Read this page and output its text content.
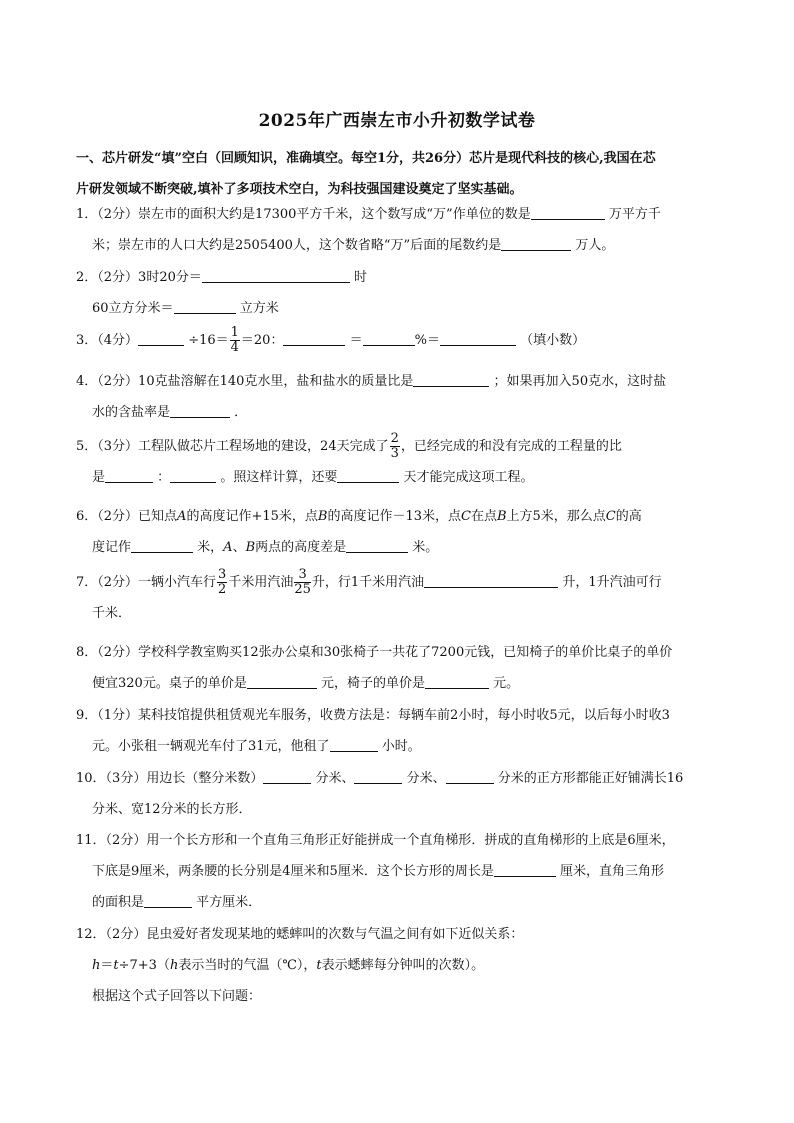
2025年广西崇左市小升初数学试卷
一、芯片研发“填”空白（回顾知识，准确填空。每空1分，共26分）芯片是现代科技的核心,我国在芯
片研发领域不断突破,填补了多项技术空白，为科技强国建设奠定了坚实基础。
1．（2分）崇左市的面积大约是17300平方千米，这个数写成“万”作单位的数是	万平方千
米；崇左市的人口大约是2505400人，这个数省略“万”后面的尾数约是	万人。
2．（2分）3时20分＝	时
60立方分米＝	立方米
3．（4分）	$\div 16= \frac{1}{4} =20$：	＝	%＝	（填小数）
4．（2分）10克盐溶解在140克水里，盐和盐水的质量比是	；如果再加入50克水，这时盐
水的含盐率是	．
5．（3分）工程队做芯片工程场地的建设，24天完成了 $\frac{2}{3}$ ，已经完成的和没有完成的工程量的比
是	：	。照这样计算，还要	天才能完成这项工程。
6．（2分）已知点A的高度记作+15米，点B的高度记作－13米，点C在点B上方5米，那么点C的高
度记作	米，A、B两点的高度差是	米。
7．（2分）一辆小汽车行 $\frac{3}{2}$ 千米用汽油 $\frac{3}{25}$ 升，行1千米用汽油	升，1升汽油可行
千米．
8．（2分）学校科学教室购买12张办公桌和30张椅子一共花了7200元钱，已知椅子的单价比桌子的单价
便宜320元。桌子的单价是	元，椅子的单价是	元。
9．（1分）某科技馆提供租赁观光车服务，收费方法是：每辆车前2小时，每小时收5元，以后每小时收3
元。小张租一辆观光车付了31元，他租了	小时。
10．（3分）用边长（整分米数）	分米、	分米、	分米的正方形都能正好铺满长16
分米、宽12分米的长方形．
11．（2分）用一个长方形和一个直角三角形正好能拼成一个直角梯形．拼成的直角梯形的上底是6厘米，
下底是9厘米，两条腰的长分别是4厘米和5厘米．这个长方形的周长是	厘米，直角三角形
的面积是	平方厘米．
12．（2分）昆虫爱好者发现某地的蟋蟀叫的次数与气温之间有如下近似关系：
h＝t÷7+3（h表示当时的气温（℃），t表示蟋蟀每分钟叫的次数）。
根据这个式子回答以下问题：
